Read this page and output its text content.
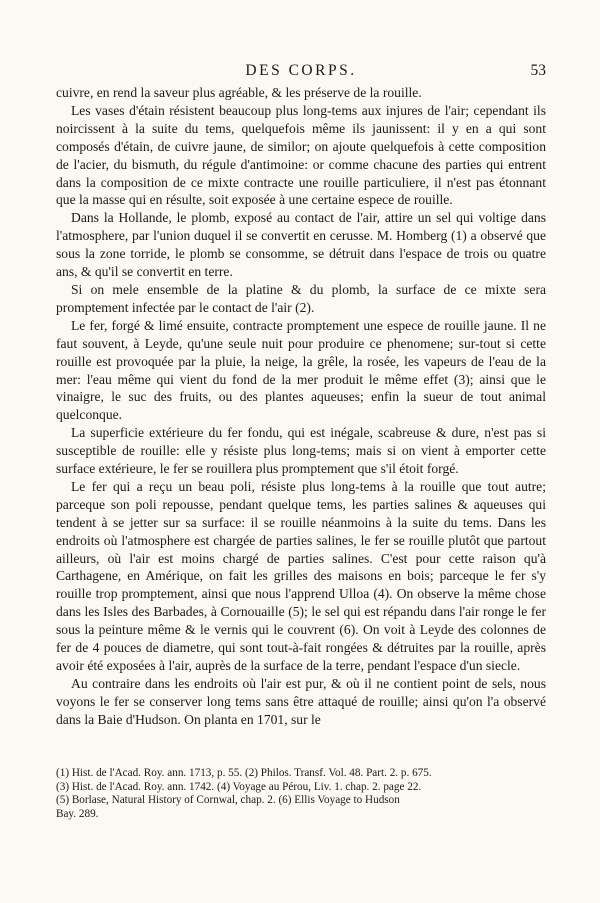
DES CORPS.	53

cuivre, en rend la saveur plus agréable, & les préserve de la rouille.

Les vases d'étain résistent beaucoup plus long-tems aux injures de l'air; cependant ils noircissent à la suite du tems, quelquefois même ils jaunissent: il y en a qui sont composés d'étain, de cuivre jaune, de similor; on ajoute quelquefois à cette composition de l'acier, du bismuth, du régule d'antimoine: or comme chacune des parties qui entrent dans la composition de ce mixte contracte une rouille particuliere, il n'est pas étonnant que la masse qui en résulte, soit exposée à une certaine espece de rouille.

Dans la Hollande, le plomb, exposé au contact de l'air, attire un sel qui voltige dans l'atmosphere, par l'union duquel il se convertit en cerusse. M. Homberg (1) a observé que sous la zone torride, le plomb se consomme, se détruit dans l'espace de trois ou quatre ans, & qu'il se convertit en terre.

Si on mele ensemble de la platine & du plomb, la surface de ce mixte sera promptement infectée par le contact de l'air (2).

Le fer, forgé & limé ensuite, contracte promptement une espece de rouille jaune. Il ne faut souvent, à Leyde, qu'une seule nuit pour produire ce phenomene; sur-tout si cette rouille est provoquée par la pluie, la neige, la grêle, la rosée, les vapeurs de l'eau de la mer: l'eau même qui vient du fond de la mer produit le même effet (3); ainsi que le vinaigre, le suc des fruits, ou des plantes aqueuses; enfin la sueur de tout animal quelconque.

La superficie extérieure du fer fondu, qui est inégale, scabreuse & dure, n'est pas si susceptible de rouille: elle y résiste plus long-tems; mais si on vient à emporter cette surface extérieure, le fer se rouillera plus promptement que s'il étoit forgé.

Le fer qui a reçu un beau poli, résiste plus long-tems à la rouille que tout autre; parceque son poli repousse, pendant quelque tems, les parties salines & aqueuses qui tendent à se jetter sur sa surface: il se rouille néanmoins à la suite du tems. Dans les endroits où l'atmosphere est chargée de parties salines, le fer se rouille plutôt que partout ailleurs, où l'air est moins chargé de parties salines. C'est pour cette raison qu'à Carthagene, en Amérique, on fait les grilles des maisons en bois; parceque le fer s'y rouille trop promptement, ainsi que nous l'apprend Ulloa (4). On observe la même chose dans les Isles des Barbades, à Cornouaille (5); le sel qui est répandu dans l'air ronge le fer sous la peinture même & le vernis qui le couvrent (6). On voit à Leyde des colonnes de fer de 4 pouces de diametre, qui sont tout-à-fait rongées & détruites par la rouille, après avoir été exposées à l'air, auprès de la surface de la terre, pendant l'espace d'un siecle.

Au contraire dans les endroits où l'air est pur, & où il ne contient point de sels, nous voyons le fer se conserver long tems sans être attaqué de rouille; ainsi qu'on l'a observé dans la Baie d'Hudson. On planta en 1701, sur le

(1) Hist. de l'Acad. Roy. ann. 1713, p. 55. (2) Philos. Transf. Vol. 48. Part. 2. p. 675.
(3) Hist. de l'Acad. Roy. ann. 1742. (4) Voyage au Pérou, Liv. 1. chap. 2. page 22.
(5) Borlase, Natural History of Cornwal, chap. 2. (6) Ellis Voyage to Hudson
Bay. 289.
